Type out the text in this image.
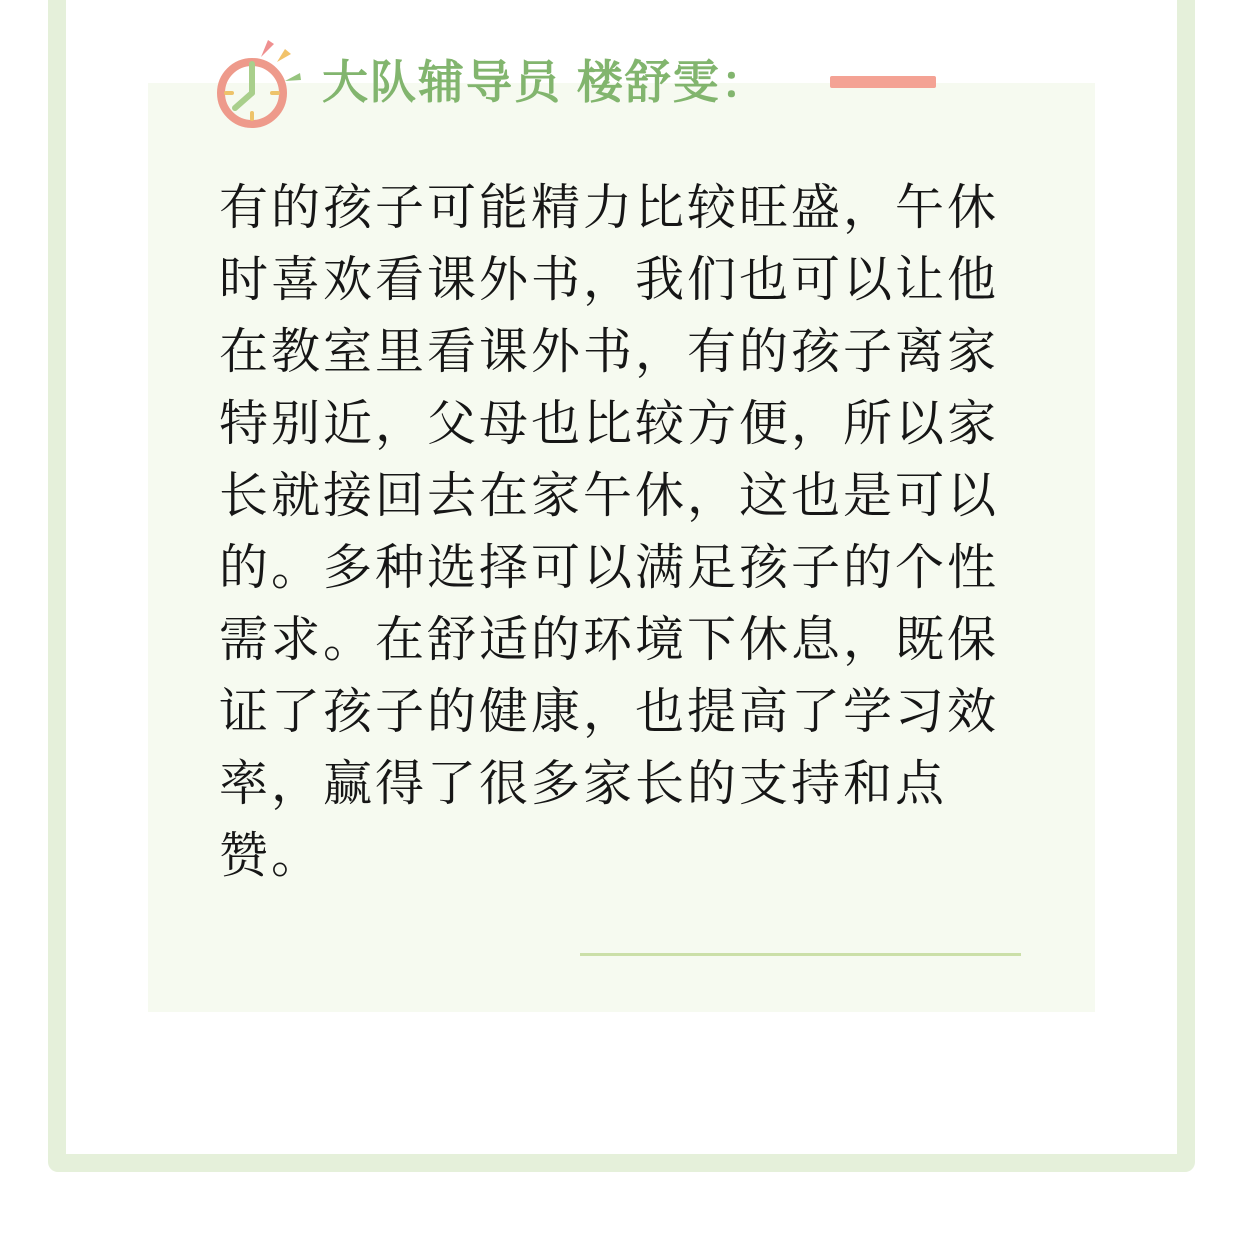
大队辅导员 楼舒雯：
有的孩子可能精力比较旺盛，午休
时喜欢看课外书，我们也可以让他
在教室里看课外书，有的孩子离家
特别近，父母也比较方便，所以家
长就接回去在家午休，这也是可以
的。多种选择可以满足孩子的个性
需求。在舒适的环境下休息，既保
证了孩子的健康，也提高了学习效
率，赢得了很多家长的支持和点
赞。
